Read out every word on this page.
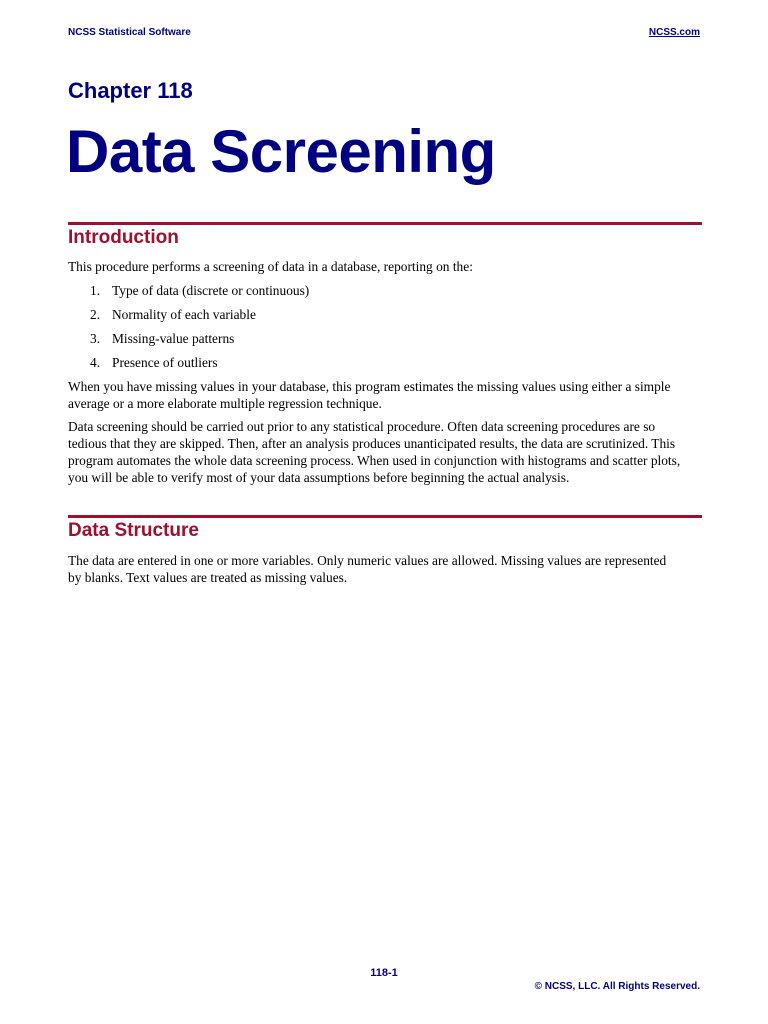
NCSS Statistical Software	NCSS.com
Chapter 118
Data Screening
Introduction
This procedure performs a screening of data in a database, reporting on the:
1. Type of data (discrete or continuous)
2. Normality of each variable
3. Missing-value patterns
4. Presence of outliers
When you have missing values in your database, this program estimates the missing values using either a simple
average or a more elaborate multiple regression technique.
Data screening should be carried out prior to any statistical procedure. Often data screening procedures are so
tedious that they are skipped. Then, after an analysis produces unanticipated results, the data are scrutinized. This
program automates the whole data screening process. When used in conjunction with histograms and scatter plots,
you will be able to verify most of your data assumptions before beginning the actual analysis.
Data Structure
The data are entered in one or more variables. Only numeric values are allowed. Missing values are represented
by blanks. Text values are treated as missing values.
118-1
© NCSS, LLC. All Rights Reserved.
